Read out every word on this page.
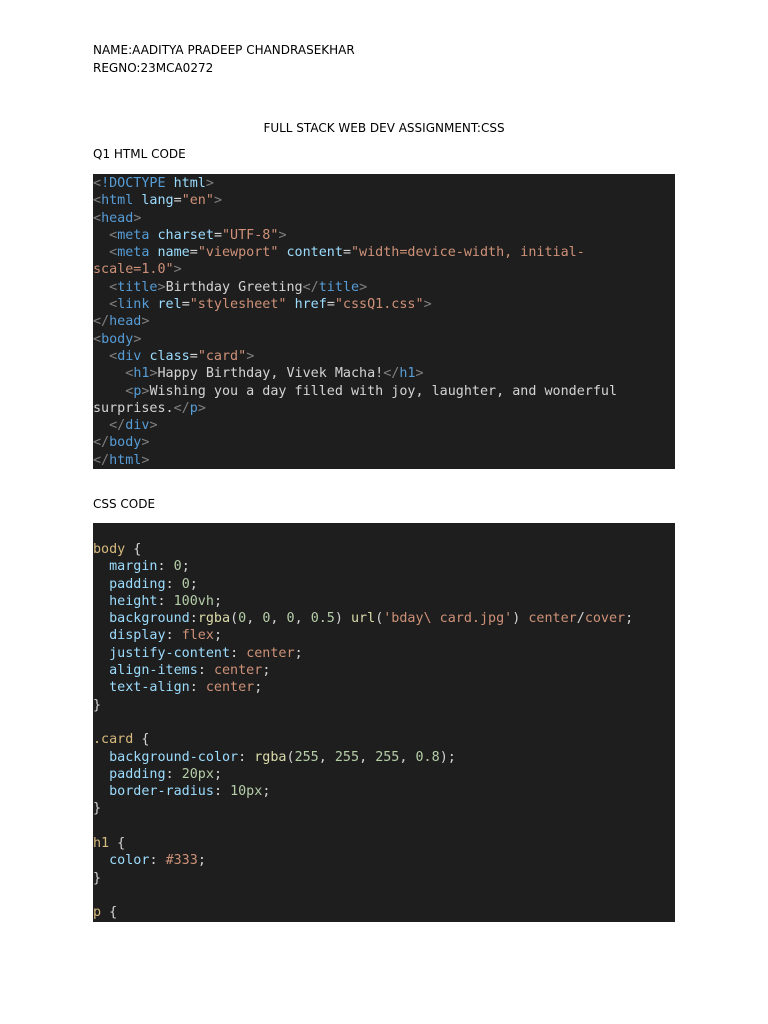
NAME:AADITYA PRADEEP CHANDRASEKHAR
REGNO:23MCA0272
FULL STACK WEB DEV ASSIGNMENT:CSS
Q1 HTML CODE
<!DOCTYPE html>
<html lang="en">
<head>
<meta charset="UTF-8">
<meta name="viewport" content="width=device-width, initial-
scale=1.0">
<title>Birthday Greeting</title>
<link rel="stylesheet" href="cssQ1.css">
</head>
<body>
<div class="card">
<h1>Happy Birthday, Vivek Macha!</h1>
<p>Wishing you a day filled with joy, laughter, and wonderful
surprises.</p>
</div>
</body>
</html>
CSS CODE
body {
margin: 0;
padding: 0;
height: 100vh;
background:rgba(0, 0, 0, 0.5) url('bday\ card.jpg') center/cover;
display: flex;
justify-content: center;
align-items: center;
text-align: center;
}

.card {
background-color: rgba(255, 255, 255, 0.8);
padding: 20px;
border-radius: 10px;
}

h1 {
color: #333;
}

p {
